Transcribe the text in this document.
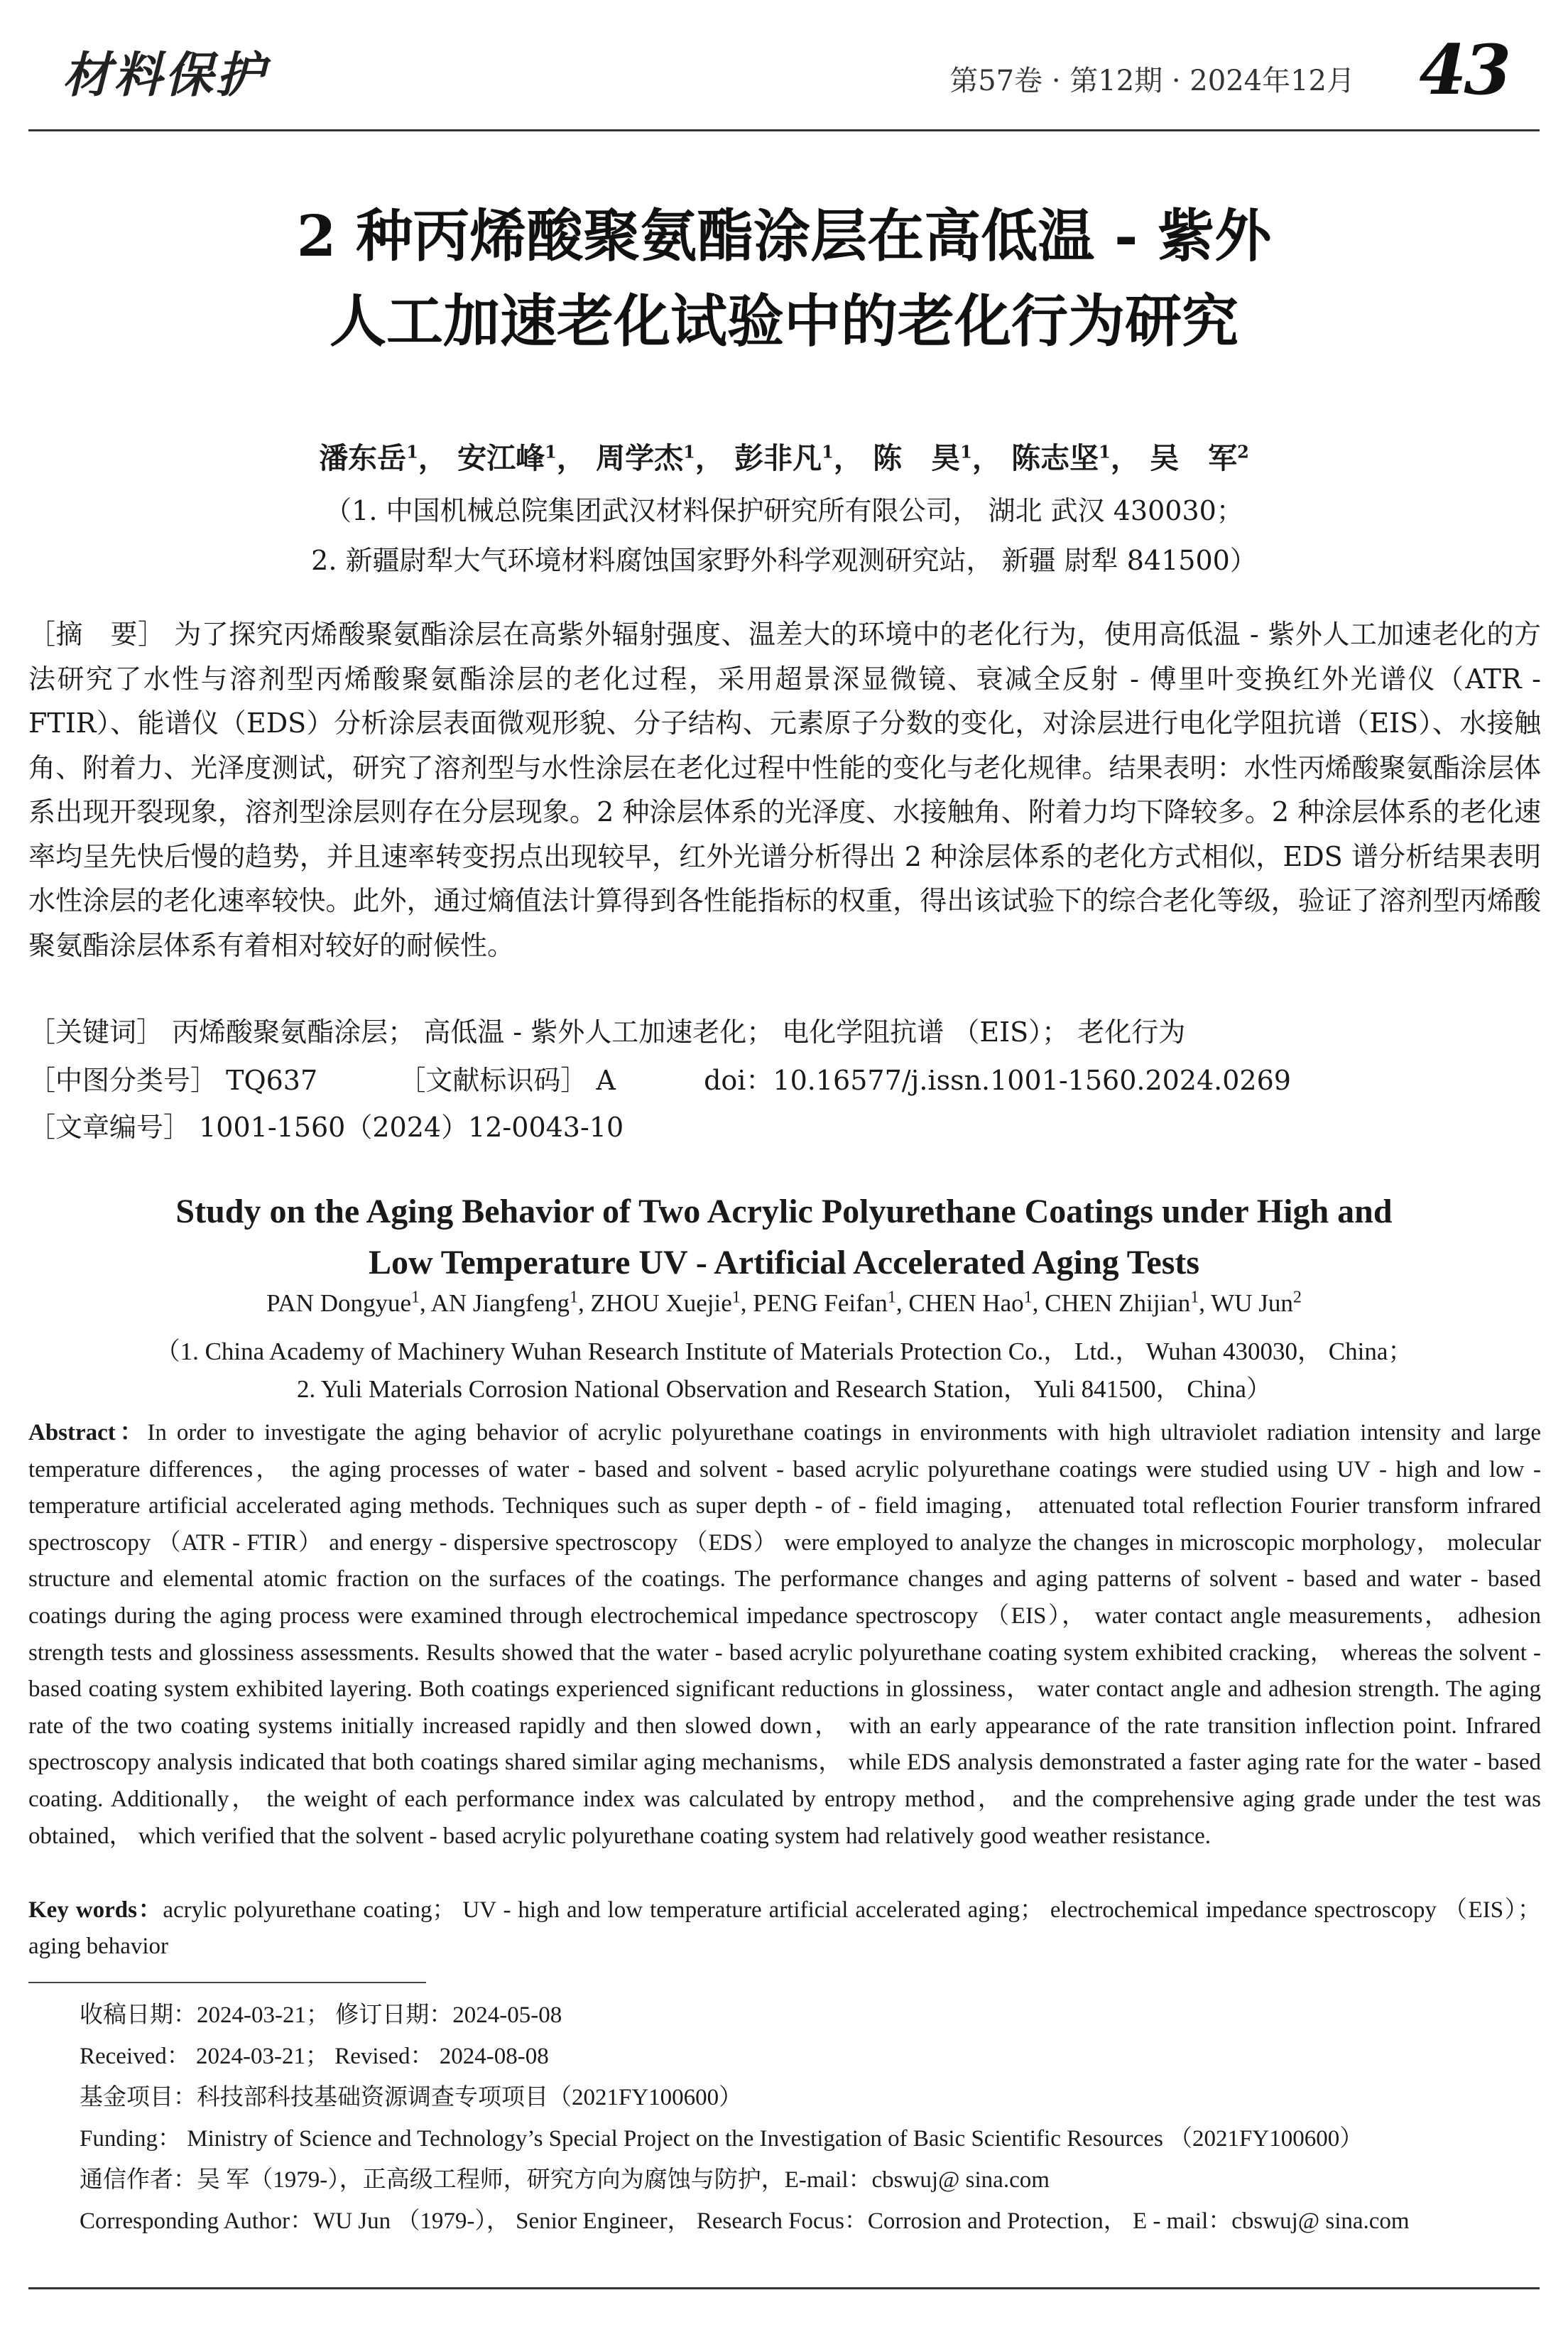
材料保护	第57卷 · 第12期 · 2024年12月 43
2 种丙烯酸聚氨酯涂层在高低温 - 紫外
人工加速老化试验中的老化行为研究
潘东岳$^1$， 安江峰$^1$， 周学杰$^1$， 彭非凡$^1$， 陈　昊$^1$， 陈志坚$^1$， 吴　军$^2$
（1. 中国机械总院集团武汉材料保护研究所有限公司， 湖北 武汉 430030；
2. 新疆尉犁大气环境材料腐蚀国家野外科学观测研究站， 新疆 尉犁 841500）
［摘　要］ 为了探究丙烯酸聚氨酯涂层在高紫外辐射强度、温差大的环境中的老化行为，使用高低温 - 紫外人工加速老化的方法研究了水性与溶剂型丙烯酸聚氨酯涂层的老化过程，采用超景深显微镜、衰减全反射 - 傅里叶变换红外光谱仪（ATR - FTIR）、能谱仪（EDS）分析涂层表面微观形貌、分子结构、元素原子分数的变化，对涂层进行电化学阻抗谱（EIS）、水接触角、附着力、光泽度测试，研究了溶剂型与水性涂层在老化过程中性能的变化与老化规律。结果表明：水性丙烯酸聚氨酯涂层体系出现开裂现象，溶剂型涂层则存在分层现象。2 种涂层体系的光泽度、水接触角、附着力均下降较多。2 种涂层体系的老化速率均呈先快后慢的趋势，并且速率转变拐点出现较早，红外光谱分析得出 2 种涂层体系的老化方式相似，EDS 谱分析结果表明水性涂层的老化速率较快。此外，通过熵值法计算得到各性能指标的权重，得出该试验下的综合老化等级，验证了溶剂型丙烯酸聚氨酯涂层体系有着相对较好的耐候性。
［关键词］ 丙烯酸聚氨酯涂层； 高低温 - 紫外人工加速老化； 电化学阻抗谱 （EIS）； 老化行为
［中图分类号］ TQ637	［文献标识码］ A	doi：10.16577/j.issn.1001-1560.2024.0269
［文章编号］ 1001-1560（2024）12-0043-10
Study on the Aging Behavior of Two Acrylic Polyurethane Coatings under High and
Low Temperature UV - Artificial Accelerated Aging Tests
PAN Dongyue$^1$, AN Jiangfeng$^1$, ZHOU Xuejie$^1$, PENG Feifan$^1$, CHEN Hao$^1$, CHEN Zhijian$^1$, WU Jun$^2$
（1. China Academy of Machinery Wuhan Research Institute of Materials Protection Co.， Ltd.， Wuhan 430030， China；
2. Yuli Materials Corrosion National Observation and Research Station， Yuli 841500， China）
Abstract：In order to investigate the aging behavior of acrylic polyurethane coatings in environments with high ultraviolet radiation intensity and large temperature differences， the aging processes of water - based and solvent - based acrylic polyurethane coatings were studied using UV - high and low - temperature artificial accelerated aging methods. Techniques such as super depth - of - field imaging， attenuated total reflection Fourier transform infrared spectroscopy （ATR - FTIR） and energy - dispersive spectroscopy （EDS） were employed to analyze the changes in microscopic morphology， molecular structure and elemental atomic fraction on the surfaces of the coatings. The performance changes and aging patterns of solvent - based and water - based coatings during the aging process were examined through electrochemical impedance spectroscopy （EIS）， water contact angle measurements， adhesion strength tests and glossiness assessments. Results showed that the water - based acrylic polyurethane coating system exhibited cracking， whereas the solvent - based coating system exhibited layering. Both coatings experienced significant reductions in glossiness， water contact angle and adhesion strength. The aging rate of the two coating systems initially increased rapidly and then slowed down， with an early appearance of the rate transition inflection point. Infrared spectroscopy analysis indicated that both coatings shared similar aging mechanisms， while EDS analysis demonstrated a faster aging rate for the water - based coating. Additionally， the weight of each performance index was calculated by entropy method， and the comprehensive aging grade under the test was obtained， which verified that the solvent - based acrylic polyurethane coating system had relatively good weather resistance.
Key words：acrylic polyurethane coating； UV - high and low temperature artificial accelerated aging； electrochemical impedance spectroscopy （EIS）； aging behavior
收稿日期：2024-03-21； 修订日期：2024-05-08
Received： 2024-03-21； Revised： 2024-08-08
基金项目：科技部科技基础资源调查专项项目（2021FY100600）
Funding： Ministry of Science and Technology’s Special Project on the Investigation of Basic Scientific Resources （2021FY100600）
通信作者：吴 军（1979-），正高级工程师，研究方向为腐蚀与防护，E-mail：cbswuj@ sina.com
Corresponding Author：WU Jun （1979-）， Senior Engineer， Research Focus：Corrosion and Protection， E - mail：cbswuj@ sina.com
